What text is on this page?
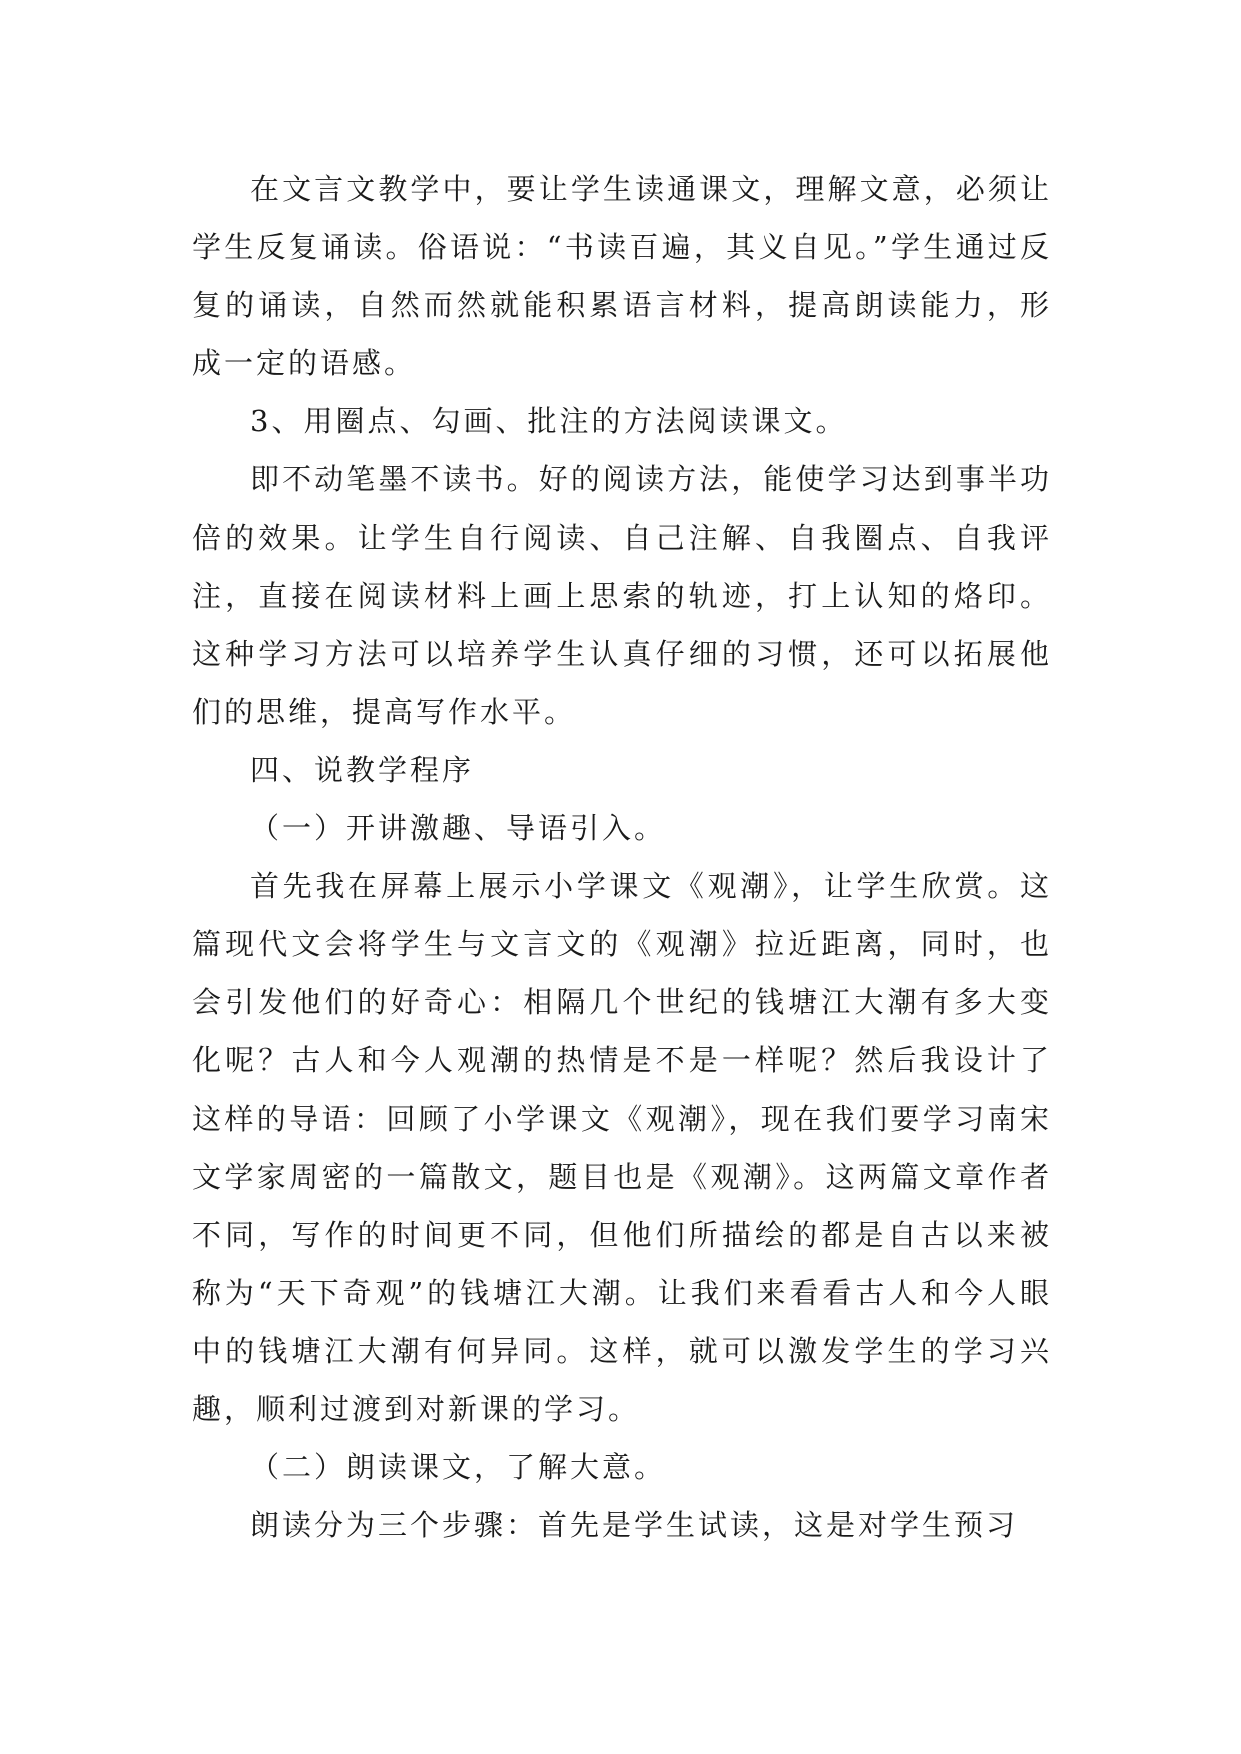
在文言文教学中，要让学生读通课文，理解文意，必须让学生反复诵读。俗语说：“书读百遍，其义自见。”学生通过反复的诵读，自然而然就能积累语言材料，提高朗读能力，形成一定的语感。

3、用圈点、勾画、批注的方法阅读课文。

即不动笔墨不读书。好的阅读方法，能使学习达到事半功倍的效果。让学生自行阅读、自己注解、自我圈点、自我评注，直接在阅读材料上画上思索的轨迹，打上认知的烙印。这种学习方法可以培养学生认真仔细的习惯，还可以拓展他们的思维，提高写作水平。

四、说教学程序

（一）开讲激趣、导语引入。

首先我在屏幕上展示小学课文《观潮》，让学生欣赏。这篇现代文会将学生与文言文的《观潮》拉近距离，同时，也会引发他们的好奇心：相隔几个世纪的钱塘江大潮有多大变化呢？古人和今人观潮的热情是不是一样呢？然后我设计了这样的导语：回顾了小学课文《观潮》，现在我们要学习南宋文学家周密的一篇散文，题目也是《观潮》。这两篇文章作者不同，写作的时间更不同，但他们所描绘的都是自古以来被称为“天下奇观”的钱塘江大潮。让我们来看看古人和今人眼中的钱塘江大潮有何异同。这样，就可以激发学生的学习兴趣，顺利过渡到对新课的学习。

（二）朗读课文，了解大意。

朗读分为三个步骤：首先是学生试读，这是对学生预习
